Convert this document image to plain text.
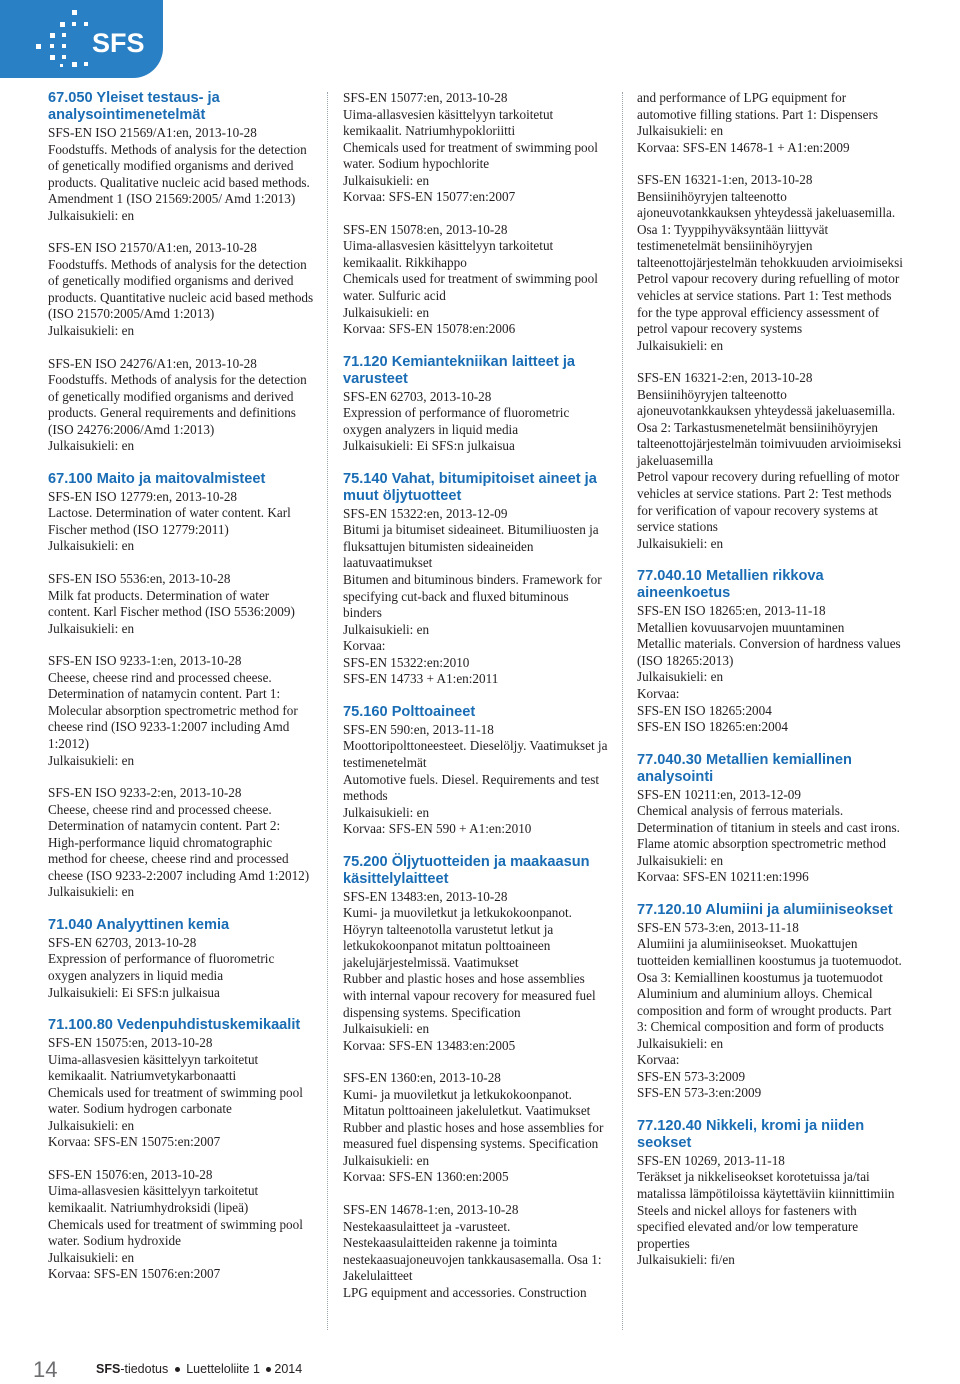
SFS
67.050 Yleiset testaus- ja analysointimenetelmät
SFS-EN ISO 21569/A1:en, 2013-10-28
Foodstuffs. Methods of analysis for the detection of genetically modified organisms and derived products. Qualitative nucleic acid based methods. Amendment 1 (ISO 21569:2005/ Amd 1:2013)
Julkaisukieli: en
SFS-EN ISO 21570/A1:en, 2013-10-28
Foodstuffs. Methods of analysis for the detection of genetically modified organisms and derived products. Quantitative nucleic acid based methods (ISO 21570:2005/Amd 1:2013)
Julkaisukieli: en
SFS-EN ISO 24276/A1:en, 2013-10-28
Foodstuffs. Methods of analysis for the detection of genetically modified organisms and derived products. General requirements and definitions (ISO 24276:2006/Amd 1:2013)
Julkaisukieli: en
67.100 Maito ja maitovalmisteet
SFS-EN ISO 12779:en, 2013-10-28
Lactose. Determination of water content. Karl Fischer method (ISO 12779:2011)
Julkaisukieli: en
SFS-EN ISO 5536:en, 2013-10-28
Milk fat products. Determination of water content. Karl Fischer method (ISO 5536:2009)
Julkaisukieli: en
SFS-EN ISO 9233-1:en, 2013-10-28
Cheese, cheese rind and processed cheese. Determination of natamycin content. Part 1: Molecular absorption spectrometric method for cheese rind (ISO 9233-1:2007 including Amd 1:2012)
Julkaisukieli: en
SFS-EN ISO 9233-2:en, 2013-10-28
Cheese, cheese rind and processed cheese. Determination of natamycin content. Part 2: High-performance liquid chromatographic method for cheese, cheese rind and processed cheese (ISO 9233-2:2007 including Amd 1:2012)
Julkaisukieli: en
71.040 Analyyttinen kemia
SFS-EN 62703, 2013-10-28
Expression of performance of fluorometric oxygen analyzers in liquid media
Julkaisukieli: Ei SFS:n julkaisua
71.100.80 Vedenpuhdistuskemikaalit
SFS-EN 15075:en, 2013-10-28
Uima-allasvesien käsittelyyn tarkoitetut kemikaalit. Natriumvetykarbonaatti
Chemicals used for treatment of swimming pool water. Sodium hydrogen carbonate
Julkaisukieli: en
Korvaa: SFS-EN 15075:en:2007
SFS-EN 15076:en, 2013-10-28
Uima-allasvesien käsittelyyn tarkoitetut kemikaalit. Natriumhydroksidi (lipeä)
Chemicals used for treatment of swimming pool water. Sodium hydroxide
Julkaisukieli: en
Korvaa: SFS-EN 15076:en:2007
SFS-EN 15077:en, 2013-10-28
Uima-allasvesien käsittelyyn tarkoitetut kemikaalit. Natriumhypokloriitti
Chemicals used for treatment of swimming pool water. Sodium hypochlorite
Julkaisukieli: en
Korvaa: SFS-EN 15077:en:2007
SFS-EN 15078:en, 2013-10-28
Uima-allasvesien käsittelyyn tarkoitetut kemikaalit. Rikkihappo
Chemicals used for treatment of swimming pool water. Sulfuric acid
Julkaisukieli: en
Korvaa: SFS-EN 15078:en:2006
71.120 Kemiantekniikan laitteet ja varusteet
SFS-EN 62703, 2013-10-28
Expression of performance of fluorometric oxygen analyzers in liquid media
Julkaisukieli: Ei SFS:n julkaisua
75.140 Vahat, bitumipitoiset aineet ja muut öljytuotteet
SFS-EN 15322:en, 2013-12-09
Bitumi ja bitumiset sideaineet. Bitumiliuosten ja fluksattujen bitumisten sideaineiden laatuvaatimukset
Bitumen and bituminous binders. Framework for specifying cut-back and fluxed bituminous binders
Julkaisukieli: en
Korvaa:
SFS-EN 15322:en:2010
SFS-EN 14733 + A1:en:2011
75.160 Polttoaineet
SFS-EN 590:en, 2013-11-18
Moottoripolttoneesteet. Dieselöljy. Vaatimukset ja testimenetelmät
Automotive fuels. Diesel. Requirements and test methods
Julkaisukieli: en
Korvaa: SFS-EN 590 + A1:en:2010
75.200 Öljytuotteiden ja maakaasun käsittelylaitteet
SFS-EN 13483:en, 2013-10-28
Kumi- ja muoviletkut ja letkukokoonpanot. Höyryn talteenotolla varustetut letkut ja letkukokoonpanot mitatun polttoaineen jakelujärjestelmissä. Vaatimukset
Rubber and plastic hoses and hose assemblies with internal vapour recovery for measured fuel dispensing systems. Specification
Julkaisukieli: en
Korvaa: SFS-EN 13483:en:2005
SFS-EN 1360:en, 2013-10-28
Kumi- ja muoviletkut ja letkukokoonpanot. Mitatun polttoaineen jakeluletkut. Vaatimukset
Rubber and plastic hoses and hose assemblies for measured fuel dispensing systems. Specification
Julkaisukieli: en
Korvaa: SFS-EN 1360:en:2005
SFS-EN 14678-1:en, 2013-10-28
Nestekaasulaitteet ja -varusteet. Nestekaasulaitteiden rakenne ja toiminta nestekaasuajoneuvojen tankkausasemalla. Osa 1: Jakelulaitteet
LPG equipment and accessories. Construction
and performance of LPG equipment for automotive filling stations. Part 1: Dispensers
Julkaisukieli: en
Korvaa: SFS-EN 14678-1 + A1:en:2009
SFS-EN 16321-1:en, 2013-10-28
Bensiinihöyryjen talteenotto ajoneuvotankkauksen yhteydessä jakeluasemilla. Osa 1: Tyyppihyväksyntään liittyvät testimenetelmät bensiinihöyryjen talteenottojärjestelmän tehokkuuden arvioimiseksi
Petrol vapour recovery during refuelling of motor vehicles at service stations. Part 1: Test methods for the type approval efficiency assessment of petrol vapour recovery systems
Julkaisukieli: en
SFS-EN 16321-2:en, 2013-10-28
Bensiinihöyryjen talteenotto ajoneuvotankkauksen yhteydessä jakeluasemilla. Osa 2: Tarkastusmenetelmät bensiinihöyryjen talteenottojärjestelmän toimivuuden arvioimiseksi jakeluasemilla
Petrol vapour recovery during refuelling of motor vehicles at service stations. Part 2: Test methods for verification of vapour recovery systems at service stations
Julkaisukieli: en
77.040.10 Metallien rikkova aineenkoetus
SFS-EN ISO 18265:en, 2013-11-18
Metallien kovuusarvojen muuntaminen
Metallic materials. Conversion of hardness values (ISO 18265:2013)
Julkaisukieli: en
Korvaa:
SFS-EN ISO 18265:2004
SFS-EN ISO 18265:en:2004
77.040.30 Metallien kemiallinen analysointi
SFS-EN 10211:en, 2013-12-09
Chemical analysis of ferrous materials. Determination of titanium in steels and cast irons. Flame atomic absorption spectrometric method
Julkaisukieli: en
Korvaa: SFS-EN 10211:en:1996
77.120.10 Alumiini ja alumiiniseokset
SFS-EN 573-3:en, 2013-11-18
Alumiini ja alumiiniseokset. Muokattujen tuotteiden kemiallinen koostumus ja tuotemuodot. Osa 3: Kemiallinen koostumus ja tuotemuodot
Aluminium and aluminium alloys. Chemical composition and form of wrought products. Part 3: Chemical composition and form of products
Julkaisukieli: en
Korvaa:
SFS-EN 573-3:2009
SFS-EN 573-3:en:2009
77.120.40 Nikkeli, kromi ja niiden seokset
SFS-EN 10269, 2013-11-18
Teräkset ja nikkeliseokset korotetuissa ja/tai matalissa lämpötiloissa käytettäviin kiinnittimiin
Steels and nickel alloys for fasteners with specified elevated and/or low temperature properties
Julkaisukieli: fi/en
14	SFS-tiedotus Luetteloliite 1 2014
